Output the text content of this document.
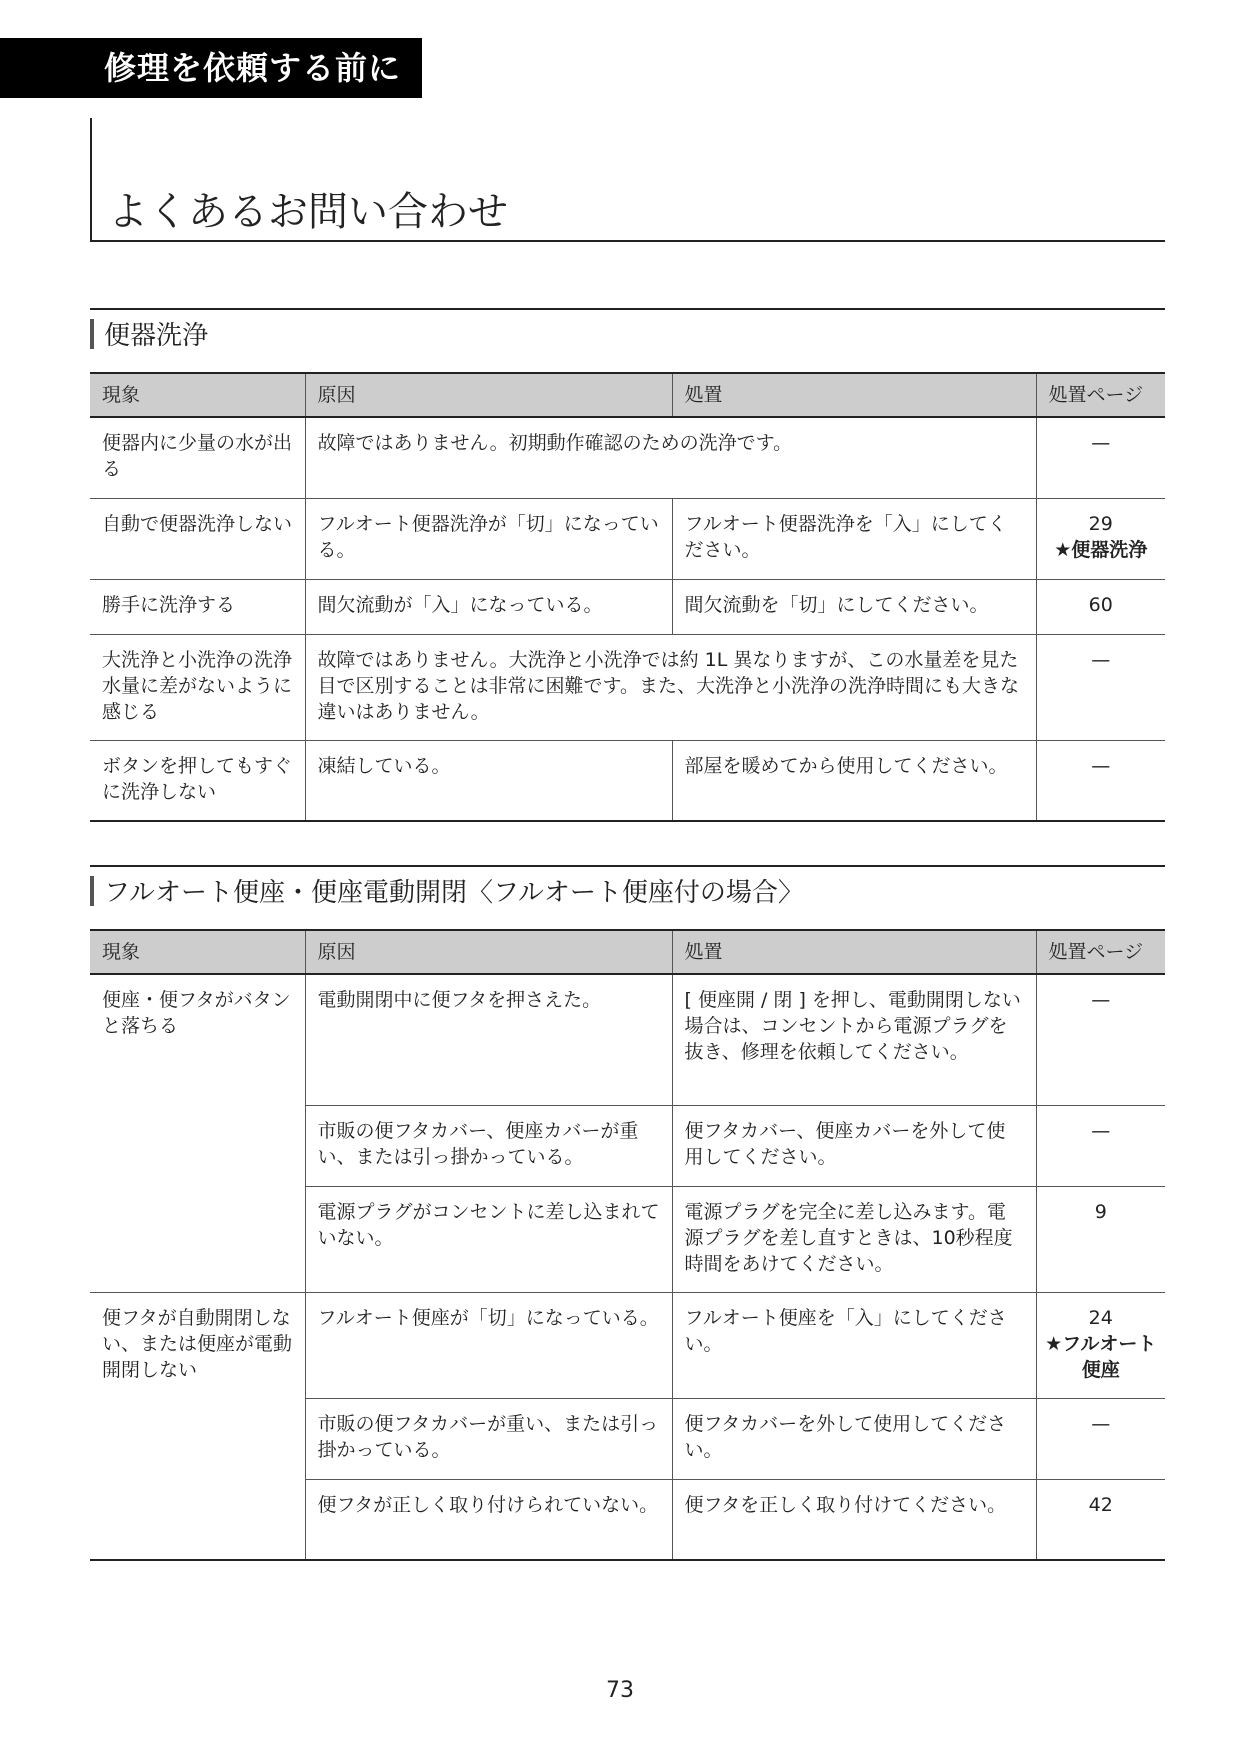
修理を依頼する前に
よくあるお問い合わせ
便器洗浄
現象	原因	処置	処置ページ
便器内に少量の水が出る	故障ではありません。初期動作確認のための洗浄です。		—
自動で便器洗浄しない	フルオート便器洗浄が「切」になっている。	フルオート便器洗浄を「入」にしてください。	29
★便器洗浄

勝手に洗浄する	間欠流動が「入」になっている。	間欠流動を「切」にしてください。	60
大洗浄と小洗浄の洗浄水量に差がないように感じる	故障ではありません。大洗浄と小洗浄では約 1L 異なりますが、この水量差を見た目で区別することは非常に困難です。また、大洗浄と小洗浄の洗浄時間にも大きな違いはありません。		—
ボタンを押してもすぐに洗浄しない	凍結している。	部屋を暖めてから使用してください。	—
フルオート便座・便座電動開閉〈フルオート便座付の場合〉
現象	原因	処置	処置ページ
便座・便フタがバタンと落ちる	電動開閉中に便フタを押さえた。	[ 便座開 / 閉 ] を押し、電動開閉しない場合は、コンセントから電源プラグを抜き、修理を依頼してください。	—
	市販の便フタカバー、便座カバーが重い、または引っ掛かっている。	便フタカバー、便座カバーを外して使用してください。	—
	電源プラグがコンセントに差し込まれていない。	電源プラグを完全に差し込みます。電源プラグを差し直すときは、10秒程度時間をあけてください。	9
便フタが自動開閉しない、または便座が電動開閉しない	フルオート便座が「切」になっている。	フルオート便座を「入」にしてください。	24
★フルオート便座

	市販の便フタカバーが重い、または引っ掛かっている。	便フタカバーを外して使用してください。	—
	便フタが正しく取り付けられていない。	便フタを正しく取り付けてください。	42
73
